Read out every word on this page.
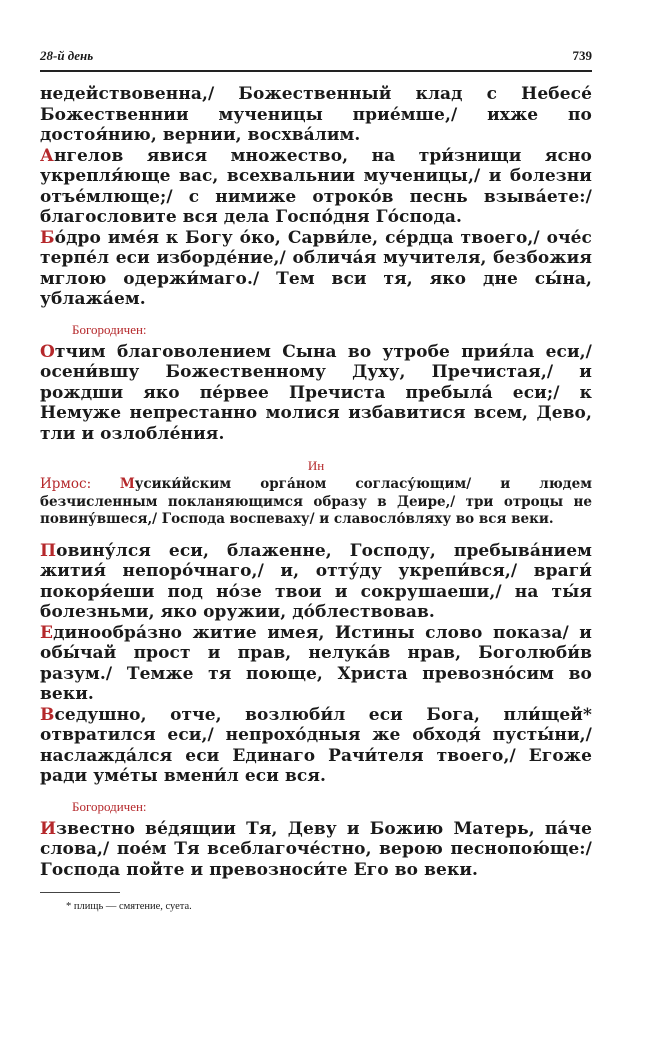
28-й день	739

недействовенна,/ Божественный клад с Небесе́ Божественнии мученицы прие́мше,/ ихже по достоя́нию, вернии, восхва́лим.

Ангелов явися множество, на три́знищи ясно укрепля́юще вас, всехвальнии мученицы,/ и болезни отъе́млюще;/ с нимиже отроко́в песнь взыва́ете:/ благословите вся дела Госпо́дня Го́спода.

Бо́дро име́я к Богу о́ко, Сарви́ле, се́рдца твоего,/ оче́с терпе́л еси изборде́ние,/ облича́я мучителя, безбожия мглою одержи́маго./ Тем вси тя, яко дне сы́на, ублажа́ем.

Богородичен:

Отчим благоволением Сына во утробе прия́ла еси,/ осени́вшу Божественному Духу, Пречистая,/ и рождши яко пе́рвее Пречиста пребыла́ еси;/ к Немуже непрестанно молися избавитися всем, Дево, тли и озлобле́ния.

Ин

Ирмос: Мусики́йским орга́ном согласу́ющим/ и людем безчисленным покланяющимся образу в Деире,/ три отроцы не повину́вшеся,/ Господа воспеваху/ и славосло́вляху во вся веки.

Повину́лся еси, блаженне, Господу, пребыва́нием жития́ непоро́чнаго,/ и, отту́ду укрепи́вся,/ враги́ покоря́еши под но́зе твои и сокрушаеши,/ на ты́я болезньми, яко оружии, до́блествовав.

Единообра́зно житие имея, Истины слово показа/ и обы́чай прост и прав, нелука́в нрав, Боголюби́в разум./ Темже тя поюще, Христа превозно́сим во веки.

Вседушно, отче, возлюби́л еси Бога, пли́щей* отвратился еси,/ непрохо́дныя же обходя́ пусты́ни,/ наслажда́лся еси Единаго Рачи́теля твоего,/ Егоже ради уме́ты вмени́л еси вся.

Богородичен:

Известно ве́дящии Тя, Деву и Божию Матерь, па́че слова,/ пое́м Тя всеблагоче́стно, верою песнопою́ще:/ Господа пойте и превозноси́те Его во веки.

* плищь — смятение, суета.
